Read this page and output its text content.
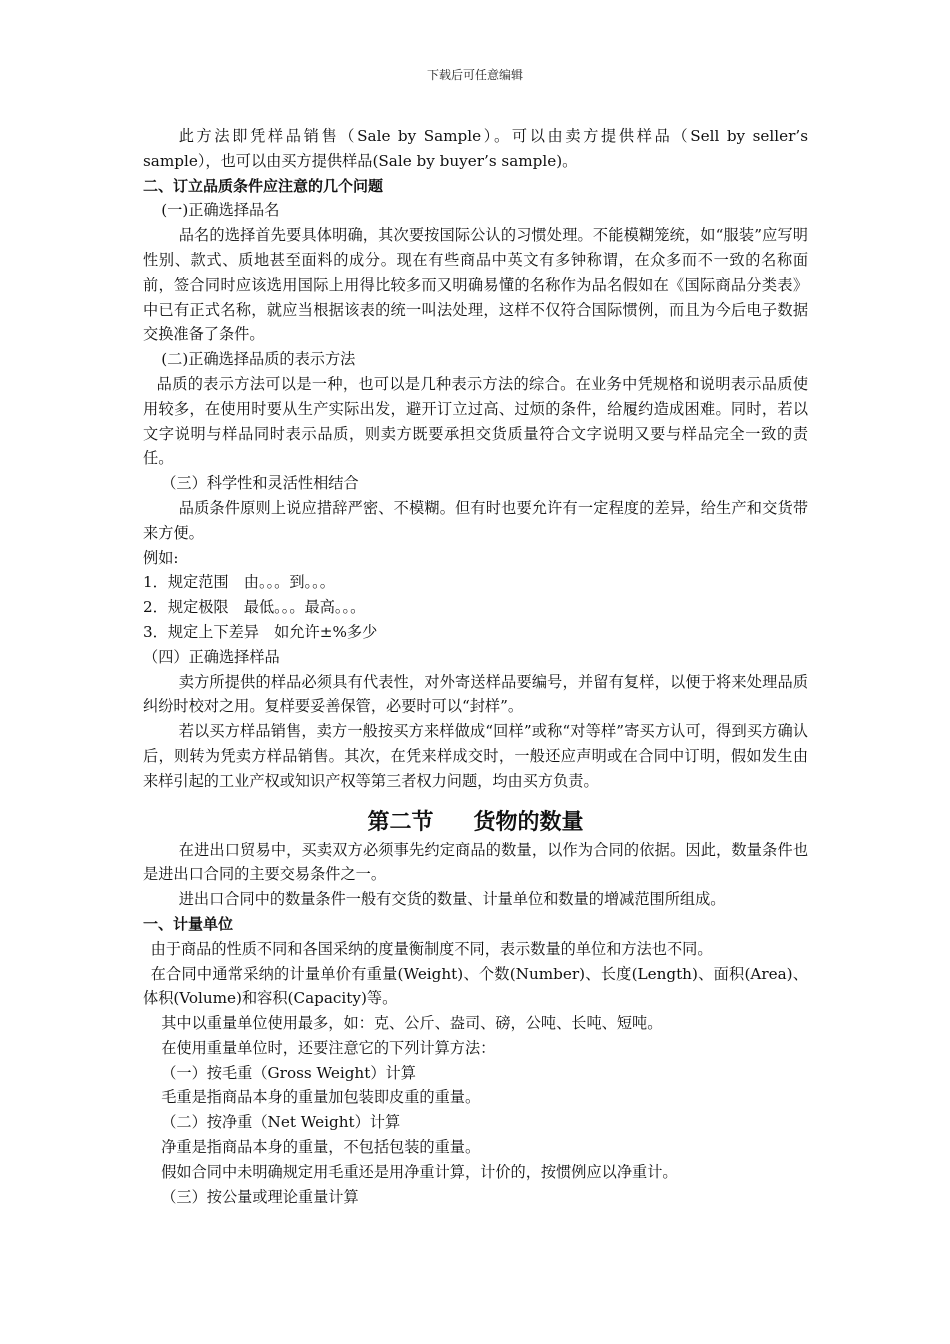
下载后可任意编辑

此方法即凭样品销售（Sale by Sample）。可以由卖方提供样品（Sell by seller’s sample），也可以由买方提供样品(Sale by buyer’s sample)。

二、订立品质条件应注意的几个问题

(一)正确选择品名

品名的选择首先要具体明确，其次要按国际公认的习惯处理。不能模糊笼统，如“服装”应写明性别、款式、质地甚至面料的成分。现在有些商品中英文有多钟称谓，在众多而不一致的名称面前，签合同时应该选用国际上用得比较多而又明确易懂的名称作为品名假如在《国际商品分类表》中已有正式名称，就应当根据该表的统一叫法处理，这样不仅符合国际惯例，而且为今后电子数据交换准备了条件。

(二)正确选择品质的表示方法

品质的表示方法可以是一种，也可以是几种表示方法的综合。在业务中凭规格和说明表示品质使用较多，在使用时要从生产实际出发，避开订立过高、过烦的条件，给履约造成困难。同时，若以文字说明与样品同时表示品质，则卖方既要承担交货质量符合文字说明又要与样品完全一致的责任。

（三）科学性和灵活性相结合

品质条件原则上说应措辞严密、不模糊。但有时也要允许有一定程度的差异，给生产和交货带来方便。

例如:

1．规定范围　由。。。到。。。

2．规定极限　最低。。。最高。。。

3．规定上下差异　如允许±%多少

（四）正确选择样品

卖方所提供的样品必须具有代表性，对外寄送样品要编号，并留有复样，以便于将来处理品质纠纷时校对之用。复样要妥善保管，必要时可以“封样”。

若以买方样品销售，卖方一般按买方来样做成“回样”或称“对等样”寄买方认可，得到买方确认后，则转为凭卖方样品销售。其次，在凭来样成交时，一般还应声明或在合同中订明，假如发生由来样引起的工业产权或知识产权等第三者权力问题，均由买方负责。

第二节 货物的数量

在进出口贸易中，买卖双方必须事先约定商品的数量，以作为合同的依据。因此，数量条件也是进出口合同的主要交易条件之一。

进出口合同中的数量条件一般有交货的数量、计量单位和数量的增减范围所组成。

一、计量单位

由于商品的性质不同和各国采纳的度量衡制度不同，表示数量的单位和方法也不同。

在合同中通常采纳的计量单价有重量(Weight)、个数(Number)、长度(Length)、面积(Area)、体积(Volume)和容积(Capacity)等。

其中以重量单位使用最多，如：克、公斤、盎司、磅，公吨、长吨、短吨。

在使用重量单位时，还要注意它的下列计算方法：

（一）按毛重（Gross Weight）计算

毛重是指商品本身的重量加包装即皮重的重量。

（二）按净重（Net Weight）计算

净重是指商品本身的重量，不包括包装的重量。

假如合同中未明确规定用毛重还是用净重计算，计价的，按惯例应以净重计。

（三）按公量或理论重量计算
